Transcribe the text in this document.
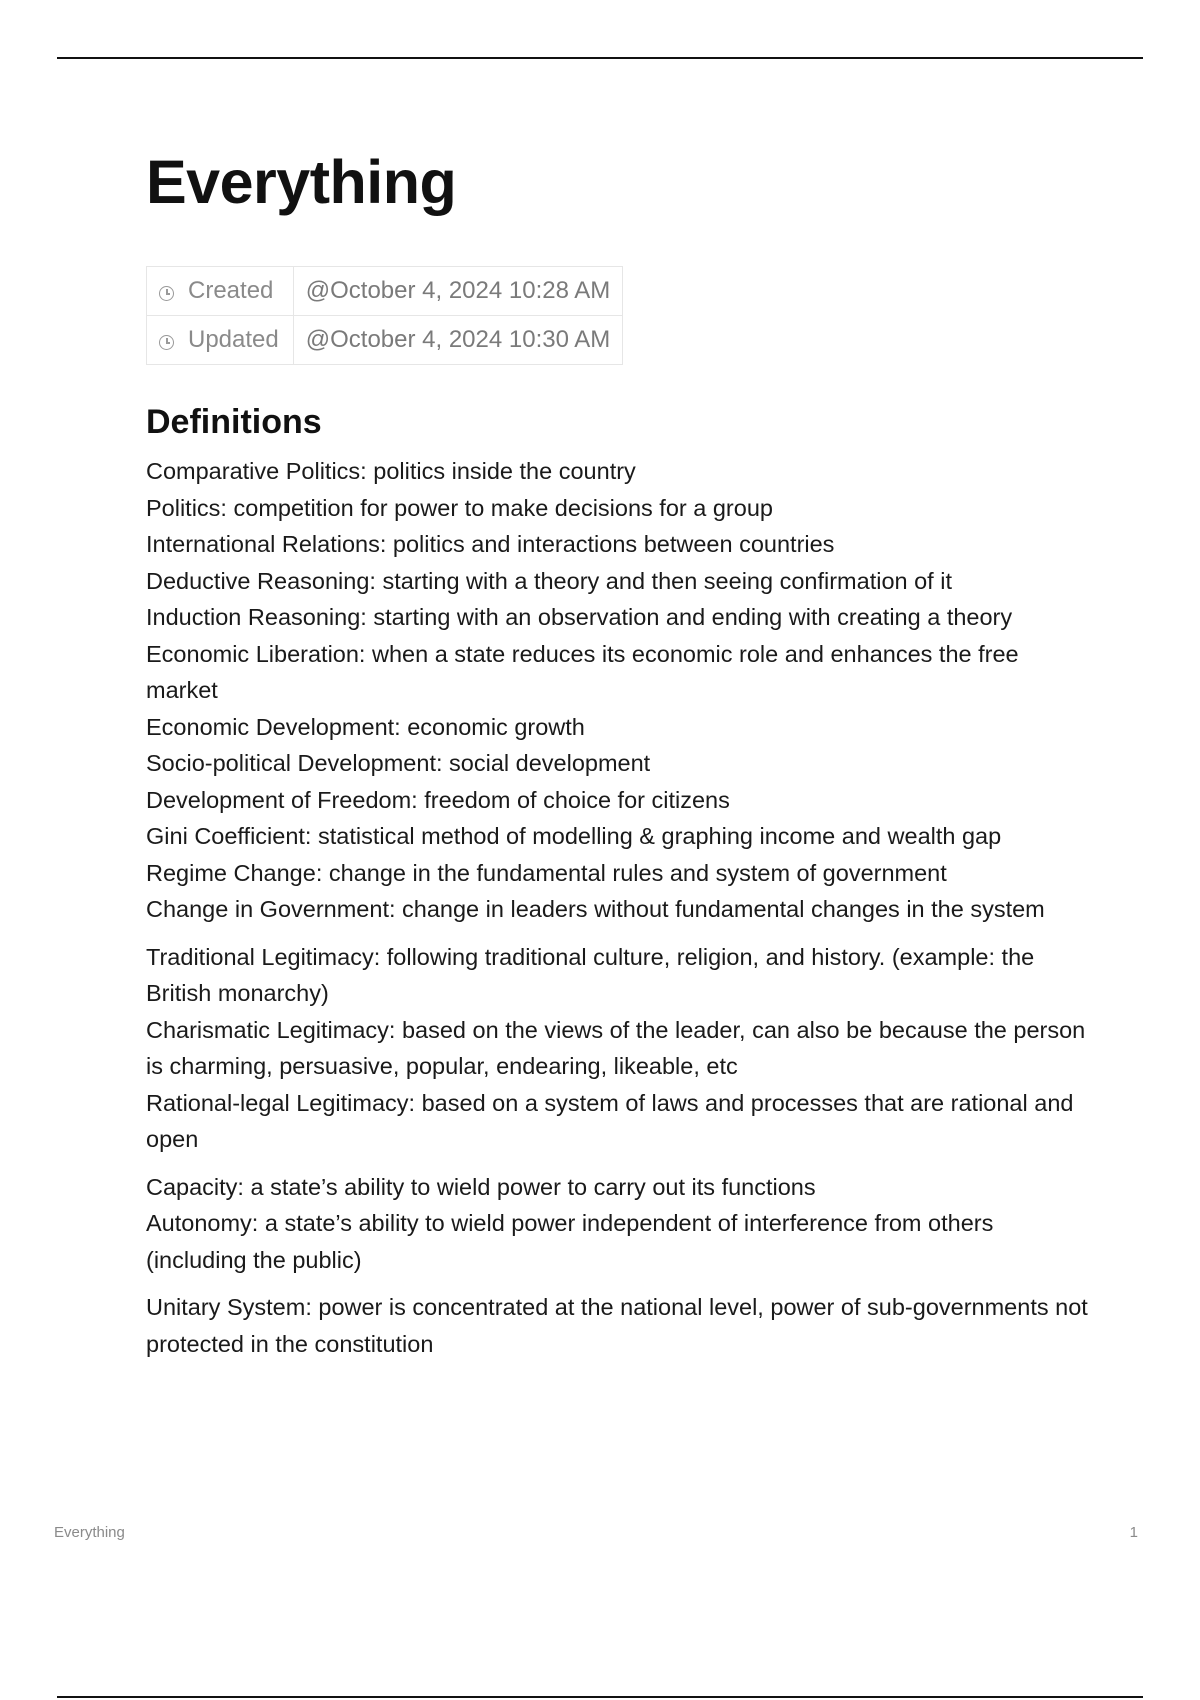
Everything
Created	@October 4, 2024 10:28 AM
Updated	@October 4, 2024 10:30 AM
Definitions

Comparative Politics: politics inside the country
Politics: competition for power to make decisions for a group
International Relations: politics and interactions between countries
Deductive Reasoning: starting with a theory and then seeing confirmation of it
Induction Reasoning: starting with an observation and ending with creating a theory
Economic Liberation: when a state reduces its economic role and enhances the free market
Economic Development: economic growth
Socio-political Development: social development
Development of Freedom: freedom of choice for citizens
Gini Coefficient: statistical method of modelling & graphing income and wealth gap
Regime Change: change in the fundamental rules and system of government
Change in Government: change in leaders without fundamental changes in the system

Traditional Legitimacy: following traditional culture, religion, and history. (example: the British monarchy)
Charismatic Legitimacy: based on the views of the leader, can also be because the person is charming, persuasive, popular, endearing, likeable, etc
Rational-legal Legitimacy: based on a system of laws and processes that are rational and open

Capacity: a state’s ability to wield power to carry out its functions
Autonomy: a state’s ability to wield power independent of interference from others (including the public)

Unitary System: power is concentrated at the national level, power of sub-governments not protected in the constitution

Everything	1
